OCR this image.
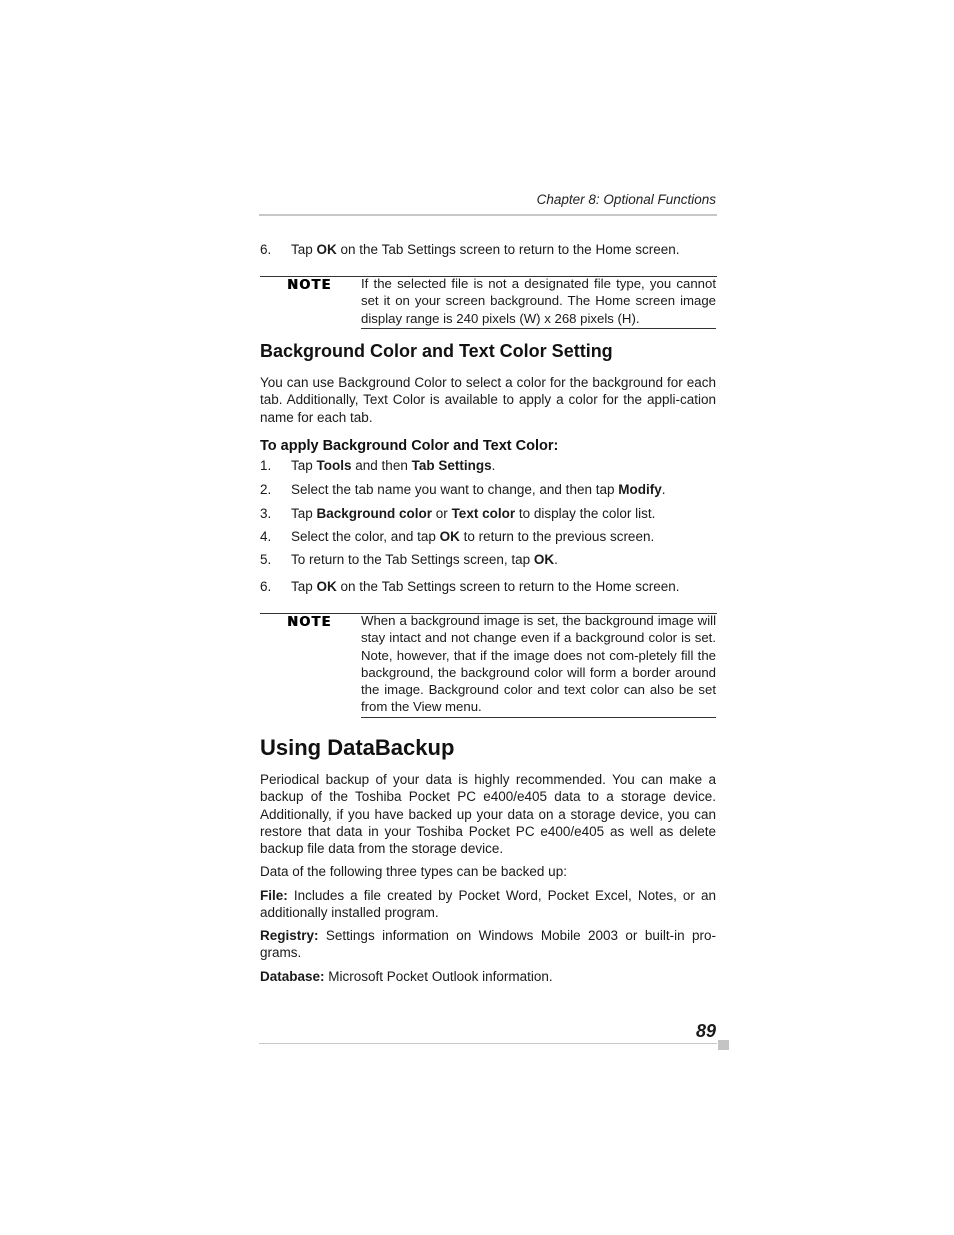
Chapter 8: Optional Functions
6.	Tap OK on the Tab Settings screen to return to the Home screen.
NOTE If the selected file is not a designated file type, you cannot set it on your screen background. The Home screen image display range is 240 pixels (W) x 268 pixels (H).
Background Color and Text Color Setting
You can use Background Color to select a color for the background for each tab. Additionally, Text Color is available to apply a color for the appli-cation name for each tab.
To apply Background Color and Text Color:
1.	Tap Tools and then Tab Settings.
2.	Select the tab name you want to change, and then tap Modify.
3.	Tap Background color or Text color to display the color list.
4.	Select the color, and tap OK to return to the previous screen.
5.	To return to the Tab Settings screen, tap OK.
6.	Tap OK on the Tab Settings screen to return to the Home screen.
NOTE When a background image is set, the background image will stay intact and not change even if a background color is set. Note, however, that if the image does not com-pletely fill the background, the background color will form a border around the image. Background color and text color can also be set from the View menu.
Using DataBackup
Periodical backup of your data is highly recommended. You can make a backup of the Toshiba Pocket PC e400/e405 data to a storage device. Additionally, if you have backed up your data on a storage device, you can restore that data in your Toshiba Pocket PC e400/e405 as well as delete backup file data from the storage device.
Data of the following three types can be backed up:
File: Includes a file created by Pocket Word, Pocket Excel, Notes, or an additionally installed program.
Registry: Settings information on Windows Mobile 2003 or built-in pro-grams.
Database: Microsoft Pocket Outlook information.
89
